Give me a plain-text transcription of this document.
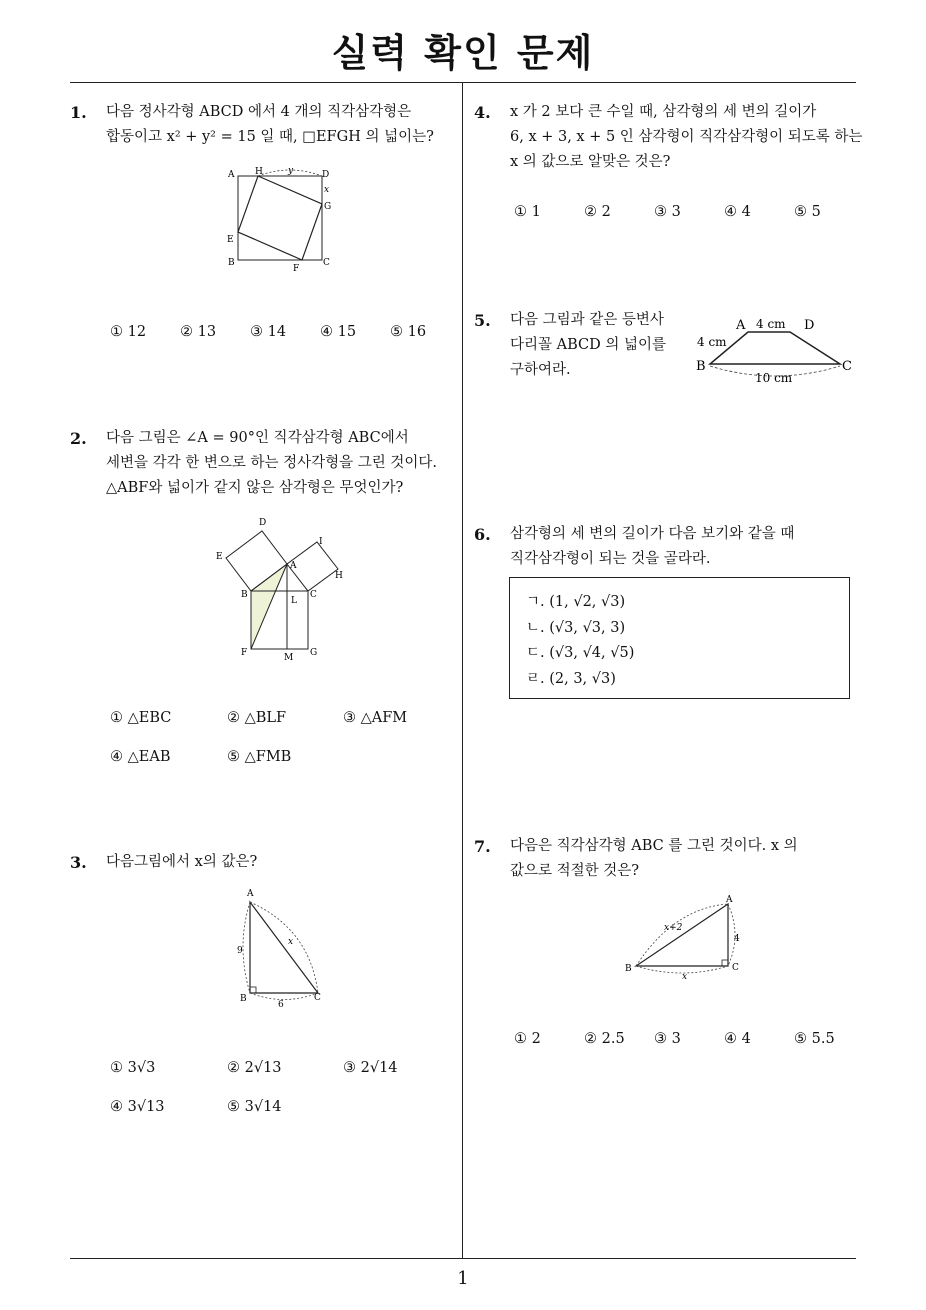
실력 확인 문제
1
1. 다음 정사각형 ABCD 에서 4 개의 직각삼각형은
합동이고 x² + y² = 15 일 때, □EFGH 의 넓이는?
A H	y	D
x
G
E
B
F
C
① 12 ② 13 ③ 14 ④ 15 ⑤ 16
2. 다음 그림은 ∠A = 90°인 직각삼각형 ABC에서
세변을 각각 한 변으로 하는 정사각형을 그린 것이다.
△ABF와 넓이가 같지 않은 삼각형은 무엇인가?
D
E
I
A
H
B
L
C
F	M G
① △EBC	② △BLF	③ △AFM
④ △EAB	⑤ △FMB
3. 다음그림에서 x의 값은?
A
9
x
B
6
C
① 3√3	② 2√13	③ 2√14
④ 3√13	⑤ 3√14
4. x 가 2 보다 큰 수일 때, 삼각형의 세 변의 길이가
6, x + 3, x + 5 인 삼각형이 직각삼각형이 되도록 하는
x 의 값으로 알맞은 것은?
① 1	② 2	③ 3	④ 4	⑤ 5
5. 다음 그림과 같은 등변사
다리꼴 ABCD 의 넓이를
구하여라.
A 4 cm D
4 cm
B
10 cm
C
6. 삼각형의 세 변의 길이가 다음 보기와 같을 때
직각삼각형이 되는 것을 골라라.
ㄱ. (1, √2, √3)
ㄴ. (√3, √3, 3)
ㄷ. (√3, √4, √5)
ㄹ. (2, 3, √3)
7. 다음은 직각삼각형 ABC 를 그린 것이다. x 의
값으로 적절한 것은?
A
x+2
4
B	C
x
① 2	② 2.5 ③ 3	④ 4	⑤ 5.5
